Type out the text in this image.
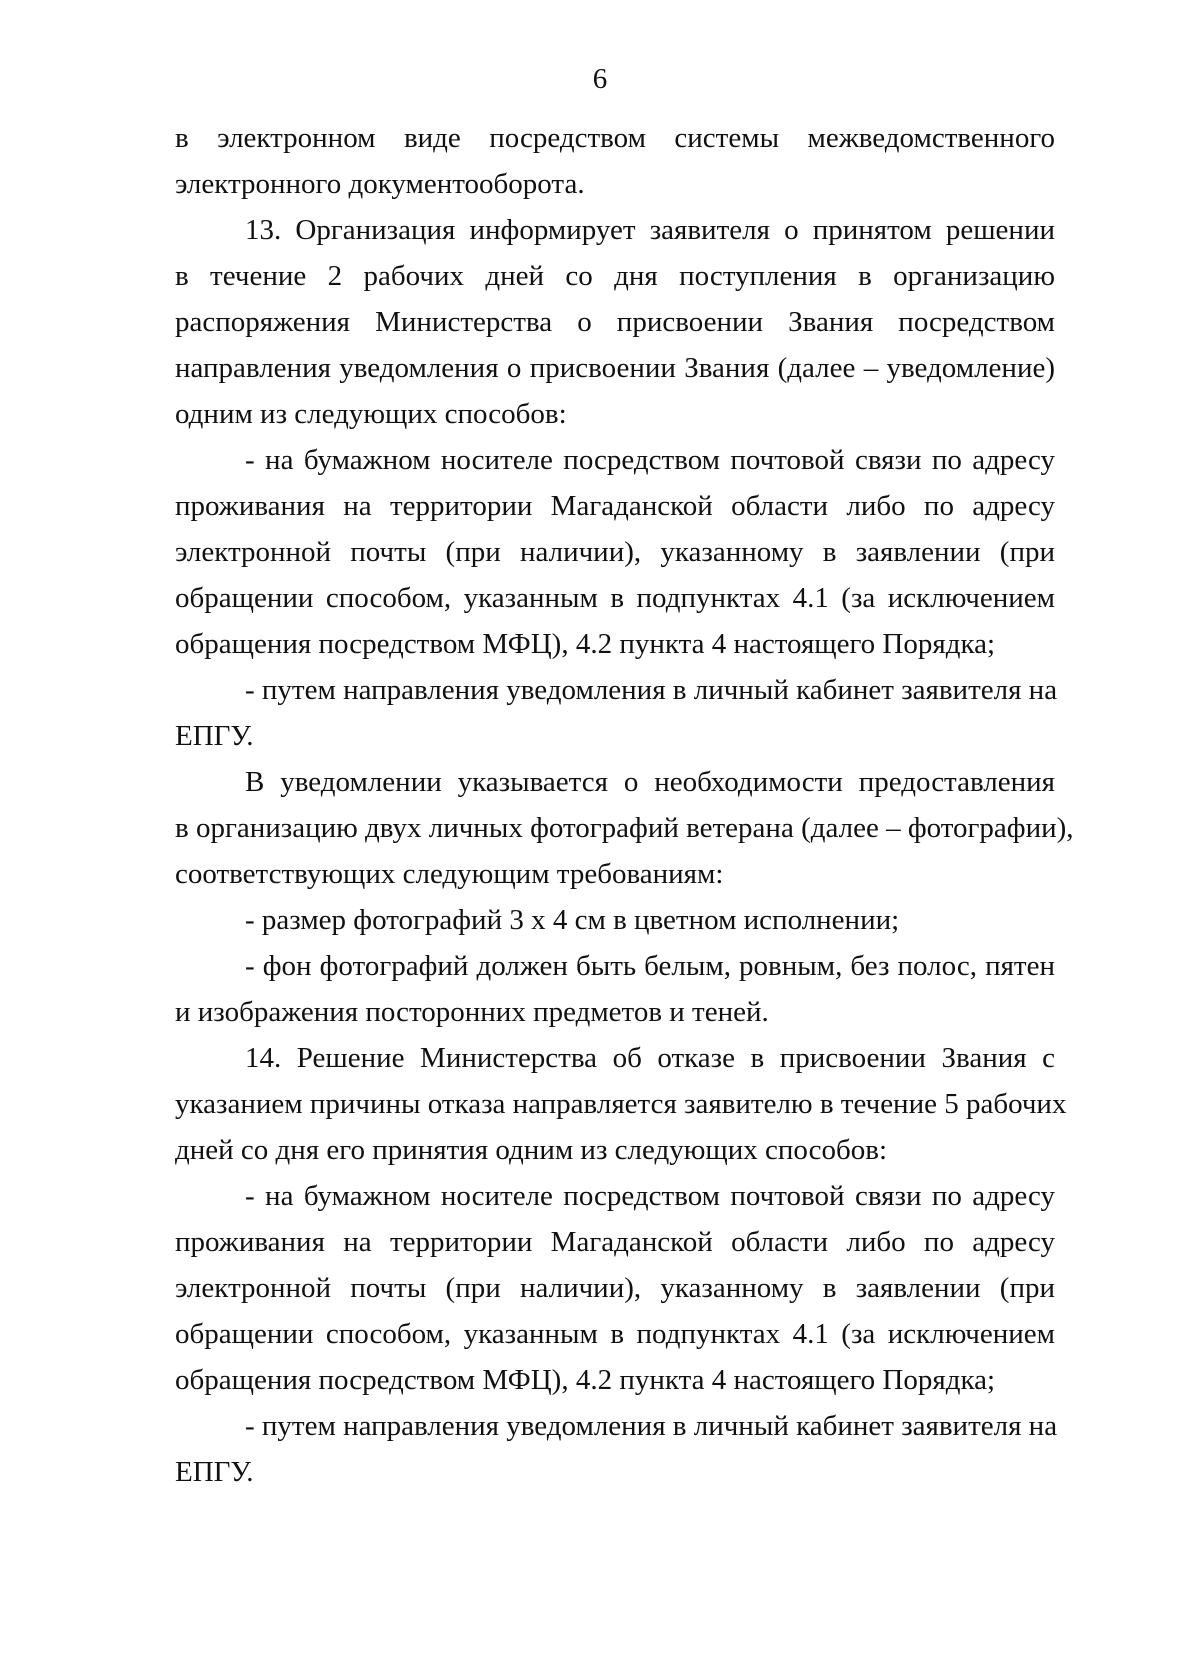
6
в электронном виде посредством системы межведомственного
электронного документооборота.
13. Организация информирует заявителя о принятом решении
в течение 2 рабочих дней со дня поступления в организацию
распоряжения Министерства о присвоении Звания посредством
направления уведомления о присвоении Звания (далее – уведомление)
одним из следующих способов:
- на бумажном носителе посредством почтовой связи по адресу
проживания на территории Магаданской области либо по адресу
электронной почты (при наличии), указанному в заявлении (при
обращении способом, указанным в подпунктах 4.1 (за исключением
обращения посредством МФЦ), 4.2 пункта 4 настоящего Порядка;
- путем направления уведомления в личный кабинет заявителя на
ЕПГУ.
В уведомлении указывается о необходимости предоставления
в организацию двух личных фотографий ветерана (далее – фотографии),
соответствующих следующим требованиям:
- размер фотографий 3 х 4 см в цветном исполнении;
- фон фотографий должен быть белым, ровным, без полос, пятен
и изображения посторонних предметов и теней.
14. Решение Министерства об отказе в присвоении Звания с
указанием причины отказа направляется заявителю в течение 5 рабочих
дней со дня его принятия одним из следующих способов:
- на бумажном носителе посредством почтовой связи по адресу
проживания на территории Магаданской области либо по адресу
электронной почты (при наличии), указанному в заявлении (при
обращении способом, указанным в подпунктах 4.1 (за исключением
обращения посредством МФЦ), 4.2 пункта 4 настоящего Порядка;
- путем направления уведомления в личный кабинет заявителя на
ЕПГУ.
